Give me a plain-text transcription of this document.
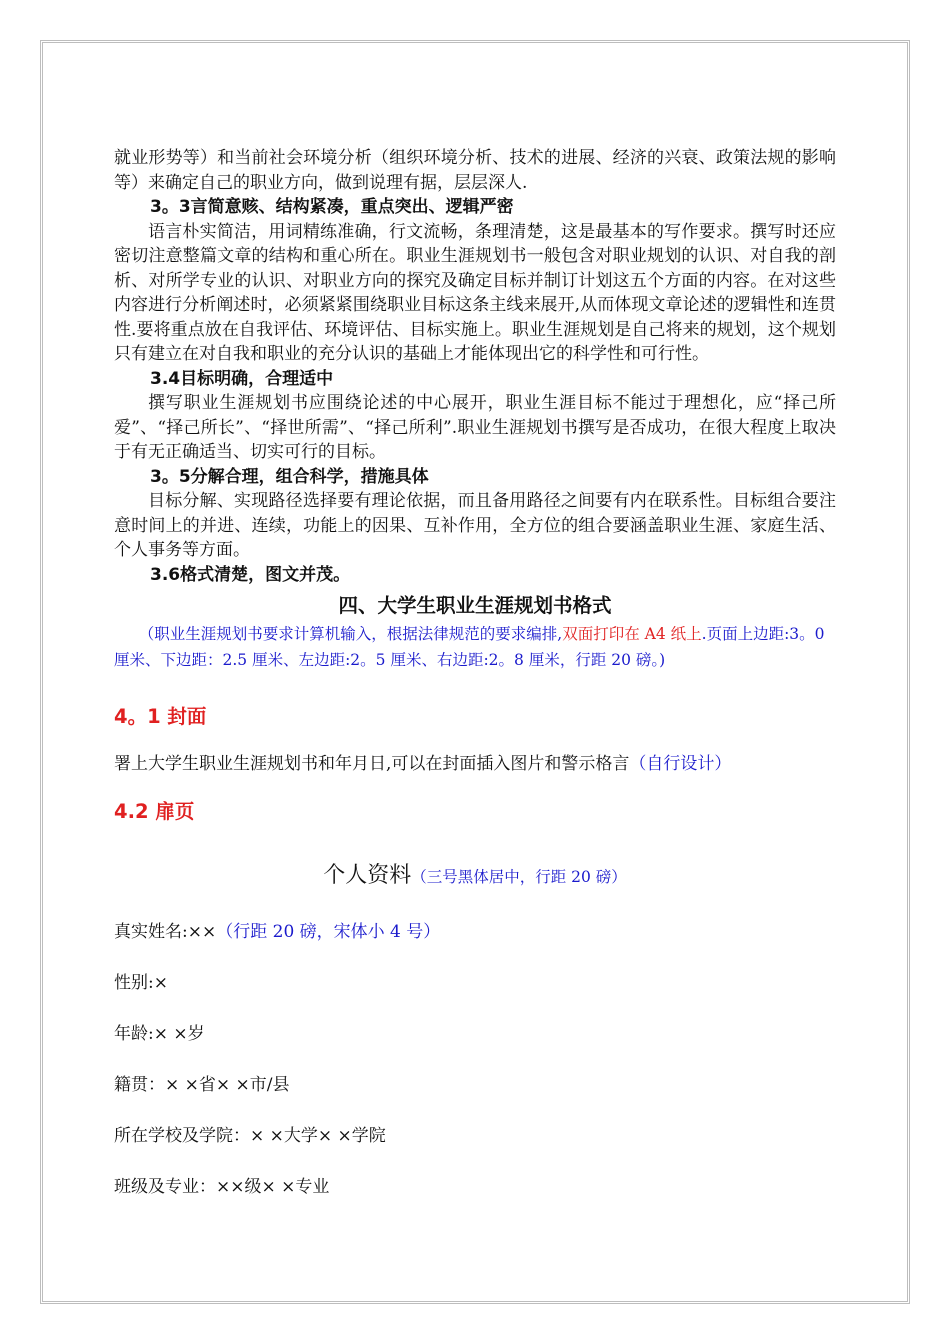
就业形势等）和当前社会环境分析（组织环境分析、技术的进展、经济的兴衰、政策法规的影响等）来确定自己的职业方向，做到说理有据，层层深人.

3。3言简意赅、结构紧凑，重点突出、逻辑严密

语言朴实简洁，用词精练准确，行文流畅，条理清楚，这是最基本的写作要求。撰写时还应密切注意整篇文章的结构和重心所在。职业生涯规划书一般包含对职业规划的认识、对自我的剖析、对所学专业的认识、对职业方向的探究及确定目标并制订计划这五个方面的内容。在对这些内容进行分析阐述时，必须紧紧围绕职业目标这条主线来展开,从而体现文章论述的逻辑性和连贯性.要将重点放在自我评估、环境评估、目标实施上。职业生涯规划是自己将来的规划，这个规划只有建立在对自我和职业的充分认识的基础上才能体现出它的科学性和可行性。

3.4目标明确，合理适中

撰写职业生涯规划书应围绕论述的中心展开，职业生涯目标不能过于理想化，应“择己所爱”、“择己所长”、“择世所需”、“择己所利”.职业生涯规划书撰写是否成功，在很大程度上取决于有无正确适当、切实可行的目标。

3。5分解合理，组合科学，措施具体

目标分解、实现路径选择要有理论依据，而且备用路径之间要有内在联系性。目标组合要注意时间上的并进、连续，功能上的因果、互补作用，全方位的组合要涵盖职业生涯、家庭生活、个人事务等方面。

3.6格式清楚，图文并茂。

四、大学生职业生涯规划书格式

（职业生涯规划书要求计算机输入，根据法律规范的要求编排,双面打印在 A4 纸上.页面上边距:3。0 厘米、下边距：2.5 厘米、左边距:2。5 厘米、右边距:2。8 厘米，行距 20 磅。)

4。1 封面

署上大学生职业生涯规划书和年月日,可以在封面插入图片和警示格言（自行设计）

4.2 扉页

个人资料（三号黑体居中，行距 20 磅）

真实姓名:××（行距 20 磅，宋体小 4 号）

性别:×

年龄:× ×岁

籍贯：× ×省× ×市/县

所在学校及学院：× ×大学× ×学院

班级及专业：××级× ×专业
